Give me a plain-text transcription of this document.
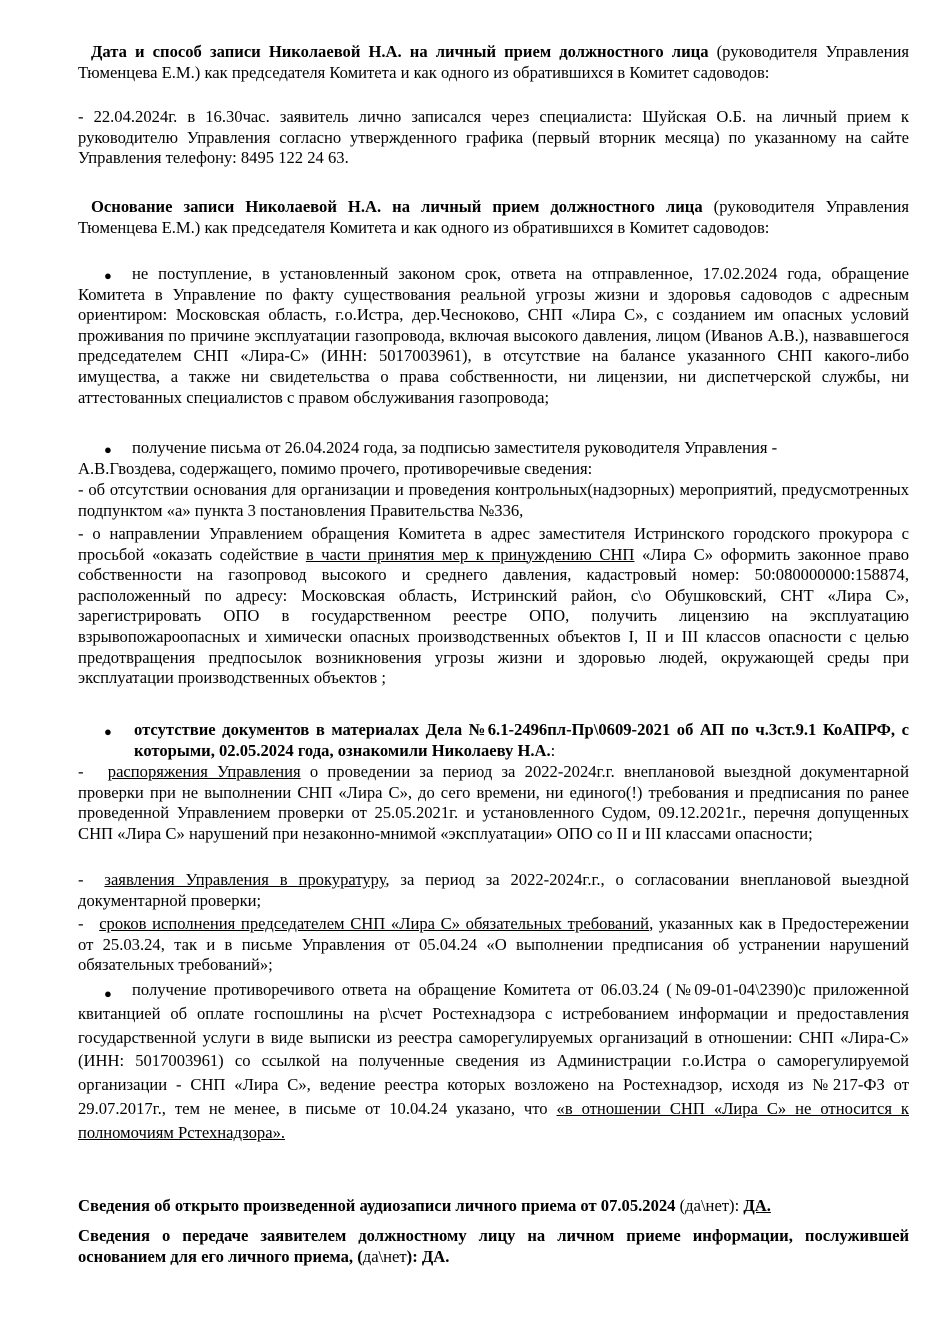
Дата и способ записи Николаевой Н.А. на личный прием должностного лица (руководителя Управления Тюменцева Е.М.) как председателя Комитета и как одного из обратившихся в Комитет садоводов:

- 22.04.2024г. в 16.30час. заявитель лично записался через специалиста: Шуйская О.Б. на личный прием к руководителю Управления согласно утвержденного графика (первый вторник месяца) по указанному на сайте Управления телефону: 8495 122 24 63.

Основание записи Николаевой Н.А. на личный прием должностного лица (руководителя Управления Тюменцева Е.М.) как председателя Комитета и как одного из обратившихся в Комитет садоводов:

●	не поступление, в установленный законом срок, ответа на отправленное, 17.02.2024 года, обращение Комитета в Управление по факту существования реальной угрозы жизни и здоровья садоводов с адресным ориентиром: Московская область, г.о.Истра, дер.Чесноково, СНП «Лира С», с созданием им опасных условий проживания по причине эксплуатации газопровода, включая высокого давления, лицом (Иванов А.В.), назвавшегося председателем СНП «Лира-С» (ИНН: 5017003961), в отсутствие на балансе указанного СНП какого-либо имущества, а также ни свидетельства о права собственности, ни лицензии, ни диспетчерской службы, ни аттестованных специалистов с правом обслуживания газопровода;

●	получение письма от 26.04.2024 года, за подписью заместителя руководителя Управления -
А.В.Гвоздева, содержащего, помимо прочего, противоречивые сведения:

- об отсутствии основания для организации и проведения контрольных(надзорных) мероприятий, предусмотренных подпунктом «а» пункта 3 постановления Правительства №336,

- о направлении Управлением обращения Комитета в адрес заместителя Истринского городского прокурора с просьбой «оказать содействие в части принятия мер к принуждению СНП «Лира С» оформить законное право собственности на газопровод высокого и среднего давления, кадастровый номер: 50:080000000:158874, расположенный по адресу: Московская область, Истринский район, с\о Обушковский, СНТ «Лира С», зарегистрировать ОПО в государственном реестре ОПО, получить лицензию на эксплуатацию взрывопожароопасных и химически опасных производственных объектов I, II и III классов опасности с целью предотвращения предпосылок возникновения угрозы жизни и здоровью людей, окружающей среды при эксплуатации производственных объектов ;

● отсутствие документов в материалах Дела №6.1-2496пл-Пр\0609-2021 об АП по ч.3ст.9.1 КоАПРФ, с которыми, 02.05.2024 года, ознакомили Николаеву Н.А.:

- распоряжения Управления о проведении за период за 2022-2024г.г. внеплановой выездной документарной проверки при не выполнении СНП «Лира С», до сего времени, ни единого(!) требования и предписания по ранее проведенной Управлением проверки от 25.05.2021г. и установленного Судом, 09.12.2021г., перечня допущенных СНП «Лира С» нарушений при незаконно-мнимой «эксплуатации» ОПО со II и III классами опасности;

- заявления Управления в прокуратуру, за период за 2022-2024г.г., о согласовании внеплановой выездной документарной проверки;

- сроков исполнения председателем СНП «Лира С» обязательных требований, указанных как в Предостережении от 25.03.24, так и в письме Управления от 05.04.24 «О выполнении предписания об устранении нарушений обязательных требований»;

●	получение противоречивого ответа на обращение Комитета от 06.03.24 (№09-01-04\2390)с приложенной квитанцией об оплате госпошлины на р\счет Ростехнадзора с истребованием информации и предоставления государственной услуги в виде выписки из реестра саморегулируемых организаций в отношении: СНП «Лира-С» (ИНН: 5017003961) со ссылкой на полученные сведения из Администрации г.о.Истра о саморегулируемой организации - СНП «Лира С», ведение реестра которых возложено на Ростехнадзор, исходя из №217-ФЗ от 29.07.2017г., тем не менее, в письме от 10.04.24 указано, что «в отношении СНП «Лира С» не относится к полномочиям Рстехнадзора».

Сведения об открыто произведенной аудиозаписи личного приема от 07.05.2024 (да\нет): ДА.

Сведения о передаче заявителем должностному лицу на личном приеме информации, послужившей основанием для его личного приема, (да\нет): ДА.
